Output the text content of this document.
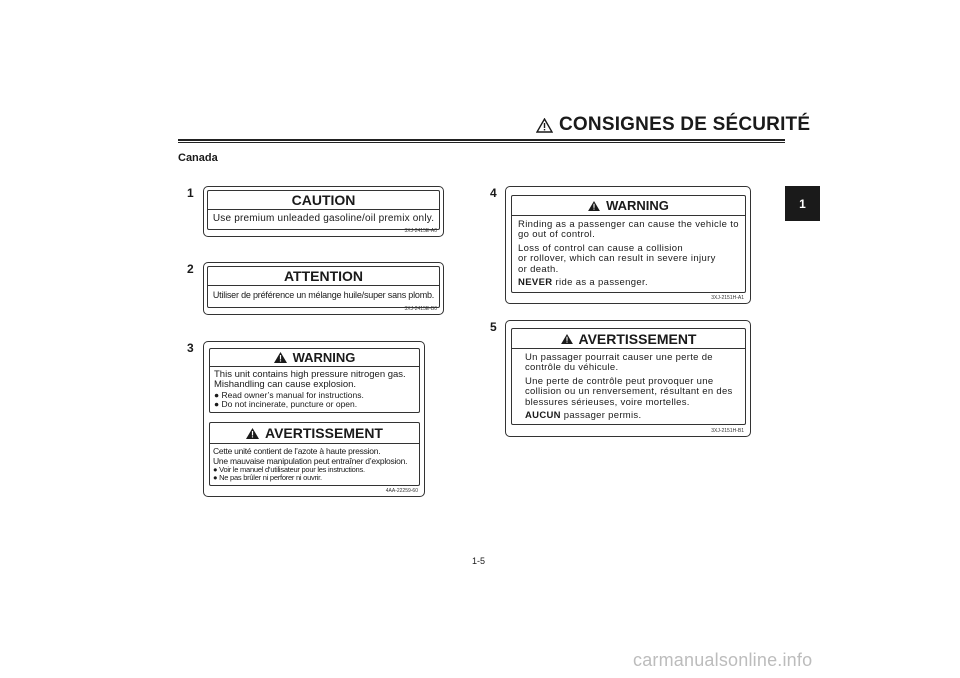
CONSIGNES DE SÉCURITÉ
Canada
1
1	CAUTION
Use premium unleaded gasoline/oil premix only.
3XJ-2415E-A0
2	ATTENTION
Utiliser de préférence un mélange huile/super sans plomb.
3XJ-2415E-B0
3
WARNING
This unit contains high pressure nitrogen gas.
Mishandling can cause explosion.
● Read owner’s manual for instructions.
● Do not incinerate, puncture or open.
AVERTISSEMENT
Cette unité contient de l’azote à haute pression.
Une mauvaise manipulation peut entraîner d’explosion.
● Voir le manuel d’utilisateur pour les instructions.
● Ne pas brûler ni perforer ni ouvrir.
4AA-22259-60
4
WARNING
Rinding as a passenger can cause the vehicle to go out of control.
Loss of control can cause a collision
or rollover, which can result in severe injury
or death.
NEVER ride as a passenger.
3XJ-2151H-A1
5
AVERTISSEMENT
Un passager pourrait causer une perte de contrôle du véhicule.
Une perte de contrôle peut provoquer une collision ou un renversement, résultant en des blessures sérieuses, voire mortelles.
AUCUN passager permis.
3XJ-2151H-B1
1-5
carmanualsonline.info
